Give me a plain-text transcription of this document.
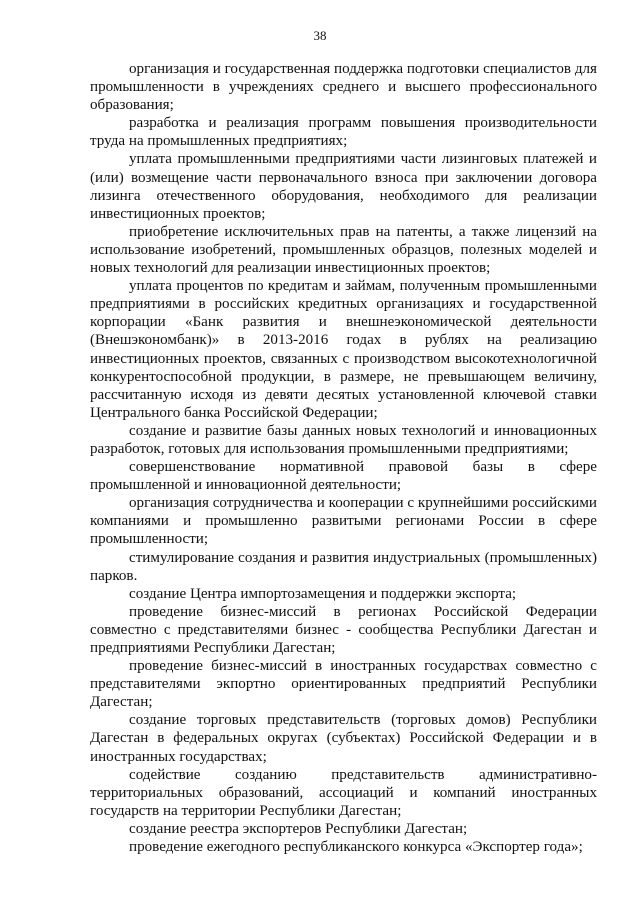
38

организация и государственная поддержка подготовки специалистов для промышленности в учреждениях среднего и высшего профессионального образования;

разработка и реализация программ повышения производительности труда на промышленных предприятиях;

уплата промышленными предприятиями части лизинговых платежей и (или) возмещение части первоначального взноса при заключении договора лизинга отечественного оборудования, необходимого для реализации инвестиционных проектов;

приобретение исключительных прав на патенты, а также лицензий на использование изобретений, промышленных образцов, полезных моделей и новых технологий для реализации инвестиционных проектов;

уплата процентов по кредитам и займам, полученным промышленными предприятиями в российских кредитных организациях и государственной корпорации «Банк развития и внешнеэкономической деятельности (Внешэкономбанк)» в 2013-2016 годах в рублях на реализацию инвестиционных проектов, связанных с производством высокотехнологичной конкурентоспособной продукции, в размере, не превышающем величину, рассчитанную исходя из девяти десятых установленной ключевой ставки Центрального банка Российской Федерации;

создание и развитие базы данных новых технологий и инновационных разработок, готовых для использования промышленными предприятиями;

совершенствование нормативной правовой базы в сфере промышленной и инновационной деятельности;

организация сотрудничества и кооперации с крупнейшими российскими компаниями и промышленно развитыми регионами России в сфере промышленности;

стимулирование создания и развития индустриальных (промышленных) парков.

создание Центра импортозамещения и поддержки экспорта;

проведение бизнес-миссий в регионах Российской Федерации совместно с представителями бизнес - сообщества Республики Дагестан и предприятиями Республики Дагестан;

проведение бизнес-миссий в иностранных государствах совместно с представителями экпортно ориентированных предприятий Республики Дагестан;

создание торговых представительств (торговых домов) Республики Дагестан в федеральных округах (субъектах) Российской Федерации и в иностранных государствах;

содействие созданию представительств административно-территориальных образований, ассоциаций и компаний иностранных государств на территории Республики Дагестан;

создание реестра экспортеров Республики Дагестан;

проведение ежегодного республиканского конкурса «Экспортер года»;
